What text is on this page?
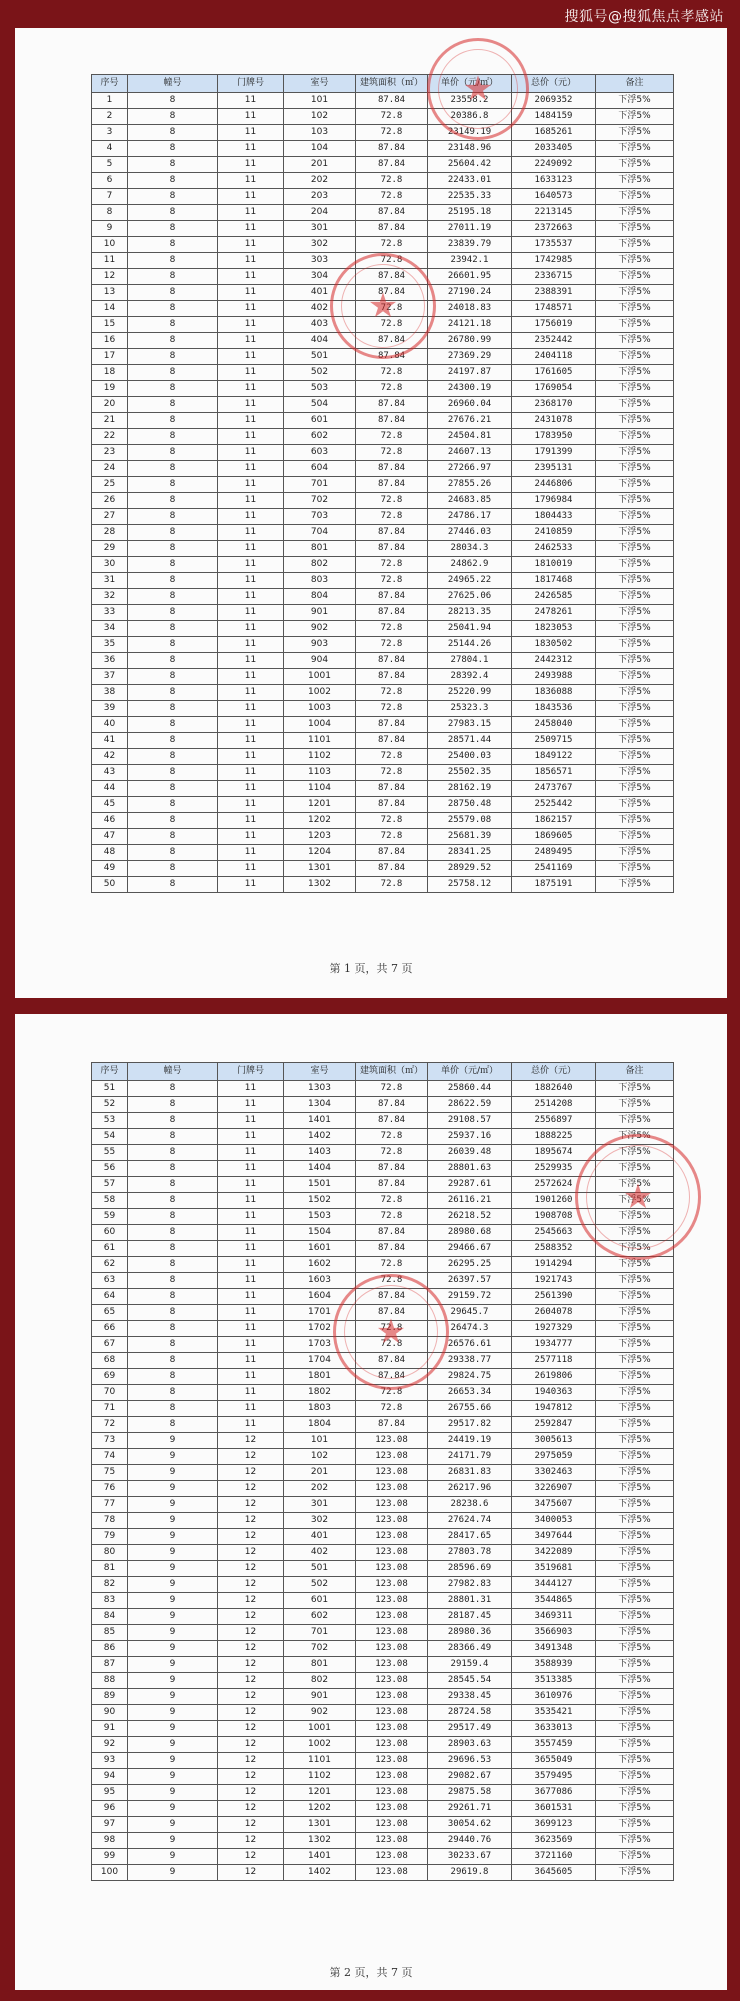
搜狐号@搜狐焦点孝感站
序号	幢号	门牌号	室号	建筑面积（㎡）	单价（元/㎡）	总价（元）	备注
1	8	11	101	87.84	23558.2	2069352	下浮5%
2	8	11	102	72.8	20386.8	1484159	下浮5%
3	8	11	103	72.8	23149.19	1685261	下浮5%
4	8	11	104	87.84	23148.96	2033405	下浮5%
5	8	11	201	87.84	25604.42	2249092	下浮5%
6	8	11	202	72.8	22433.01	1633123	下浮5%
7	8	11	203	72.8	22535.33	1640573	下浮5%
8	8	11	204	87.84	25195.18	2213145	下浮5%
9	8	11	301	87.84	27011.19	2372663	下浮5%
10	8	11	302	72.8	23839.79	1735537	下浮5%
11	8	11	303	72.8	23942.1	1742985	下浮5%
12	8	11	304	87.84	26601.95	2336715	下浮5%
13	8	11	401	87.84	27190.24	2388391	下浮5%
14	8	11	402	72.8	24018.83	1748571	下浮5%
15	8	11	403	72.8	24121.18	1756019	下浮5%
16	8	11	404	87.84	26780.99	2352442	下浮5%
17	8	11	501	87.84	27369.29	2404118	下浮5%
18	8	11	502	72.8	24197.87	1761605	下浮5%
19	8	11	503	72.8	24300.19	1769054	下浮5%
20	8	11	504	87.84	26960.04	2368170	下浮5%
21	8	11	601	87.84	27676.21	2431078	下浮5%
22	8	11	602	72.8	24504.81	1783950	下浮5%
23	8	11	603	72.8	24607.13	1791399	下浮5%
24	8	11	604	87.84	27266.97	2395131	下浮5%
25	8	11	701	87.84	27855.26	2446806	下浮5%
26	8	11	702	72.8	24683.85	1796984	下浮5%
27	8	11	703	72.8	24786.17	1804433	下浮5%
28	8	11	704	87.84	27446.03	2410859	下浮5%
29	8	11	801	87.84	28034.3	2462533	下浮5%
30	8	11	802	72.8	24862.9	1810019	下浮5%
31	8	11	803	72.8	24965.22	1817468	下浮5%
32	8	11	804	87.84	27625.06	2426585	下浮5%
33	8	11	901	87.84	28213.35	2478261	下浮5%
34	8	11	902	72.8	25041.94	1823053	下浮5%
35	8	11	903	72.8	25144.26	1830502	下浮5%
36	8	11	904	87.84	27804.1	2442312	下浮5%
37	8	11	1001	87.84	28392.4	2493988	下浮5%
38	8	11	1002	72.8	25220.99	1836088	下浮5%
39	8	11	1003	72.8	25323.3	1843536	下浮5%
40	8	11	1004	87.84	27983.15	2458040	下浮5%
41	8	11	1101	87.84	28571.44	2509715	下浮5%
42	8	11	1102	72.8	25400.03	1849122	下浮5%
43	8	11	1103	72.8	25502.35	1856571	下浮5%
44	8	11	1104	87.84	28162.19	2473767	下浮5%
45	8	11	1201	87.84	28750.48	2525442	下浮5%
46	8	11	1202	72.8	25579.08	1862157	下浮5%
47	8	11	1203	72.8	25681.39	1869605	下浮5%
48	8	11	1204	87.84	28341.25	2489495	下浮5%
49	8	11	1301	87.84	28929.52	2541169	下浮5%
50	8	11	1302	72.8	25758.12	1875191	下浮5%
★
★
第 1 页，共 7 页
序号	幢号	门牌号	室号	建筑面积（㎡）	单价（元/㎡）	总价（元）	备注
51	8	11	1303	72.8	25860.44	1882640	下浮5%
52	8	11	1304	87.84	28622.59	2514208	下浮5%
53	8	11	1401	87.84	29108.57	2556897	下浮5%
54	8	11	1402	72.8	25937.16	1888225	下浮5%
55	8	11	1403	72.8	26039.48	1895674	下浮5%
56	8	11	1404	87.84	28801.63	2529935	下浮5%
57	8	11	1501	87.84	29287.61	2572624	下浮5%
58	8	11	1502	72.8	26116.21	1901260	下浮5%
59	8	11	1503	72.8	26218.52	1908708	下浮5%
60	8	11	1504	87.84	28980.68	2545663	下浮5%
61	8	11	1601	87.84	29466.67	2588352	下浮5%
62	8	11	1602	72.8	26295.25	1914294	下浮5%
63	8	11	1603	72.8	26397.57	1921743	下浮5%
64	8	11	1604	87.84	29159.72	2561390	下浮5%
65	8	11	1701	87.84	29645.7	2604078	下浮5%
66	8	11	1702	72.8	26474.3	1927329	下浮5%
67	8	11	1703	72.8	26576.61	1934777	下浮5%
68	8	11	1704	87.84	29338.77	2577118	下浮5%
69	8	11	1801	87.84	29824.75	2619806	下浮5%
70	8	11	1802	72.8	26653.34	1940363	下浮5%
71	8	11	1803	72.8	26755.66	1947812	下浮5%
72	8	11	1804	87.84	29517.82	2592847	下浮5%
73	9	12	101	123.08	24419.19	3005613	下浮5%
74	9	12	102	123.08	24171.79	2975059	下浮5%
75	9	12	201	123.08	26831.83	3302463	下浮5%
76	9	12	202	123.08	26217.96	3226907	下浮5%
77	9	12	301	123.08	28238.6	3475607	下浮5%
78	9	12	302	123.08	27624.74	3400053	下浮5%
79	9	12	401	123.08	28417.65	3497644	下浮5%
80	9	12	402	123.08	27803.78	3422089	下浮5%
81	9	12	501	123.08	28596.69	3519681	下浮5%
82	9	12	502	123.08	27982.83	3444127	下浮5%
83	9	12	601	123.08	28801.31	3544865	下浮5%
84	9	12	602	123.08	28187.45	3469311	下浮5%
85	9	12	701	123.08	28980.36	3566903	下浮5%
86	9	12	702	123.08	28366.49	3491348	下浮5%
87	9	12	801	123.08	29159.4	3588939	下浮5%
88	9	12	802	123.08	28545.54	3513385	下浮5%
89	9	12	901	123.08	29338.45	3610976	下浮5%
90	9	12	902	123.08	28724.58	3535421	下浮5%
91	9	12	1001	123.08	29517.49	3633013	下浮5%
92	9	12	1002	123.08	28903.63	3557459	下浮5%
93	9	12	1101	123.08	29696.53	3655049	下浮5%
94	9	12	1102	123.08	29082.67	3579495	下浮5%
95	9	12	1201	123.08	29875.58	3677086	下浮5%
96	9	12	1202	123.08	29261.71	3601531	下浮5%
97	9	12	1301	123.08	30054.62	3699123	下浮5%
98	9	12	1302	123.08	29440.76	3623569	下浮5%
99	9	12	1401	123.08	30233.67	3721160	下浮5%
100	9	12	1402	123.08	29619.8	3645605	下浮5%
★
★
第 2 页，共 7 页
